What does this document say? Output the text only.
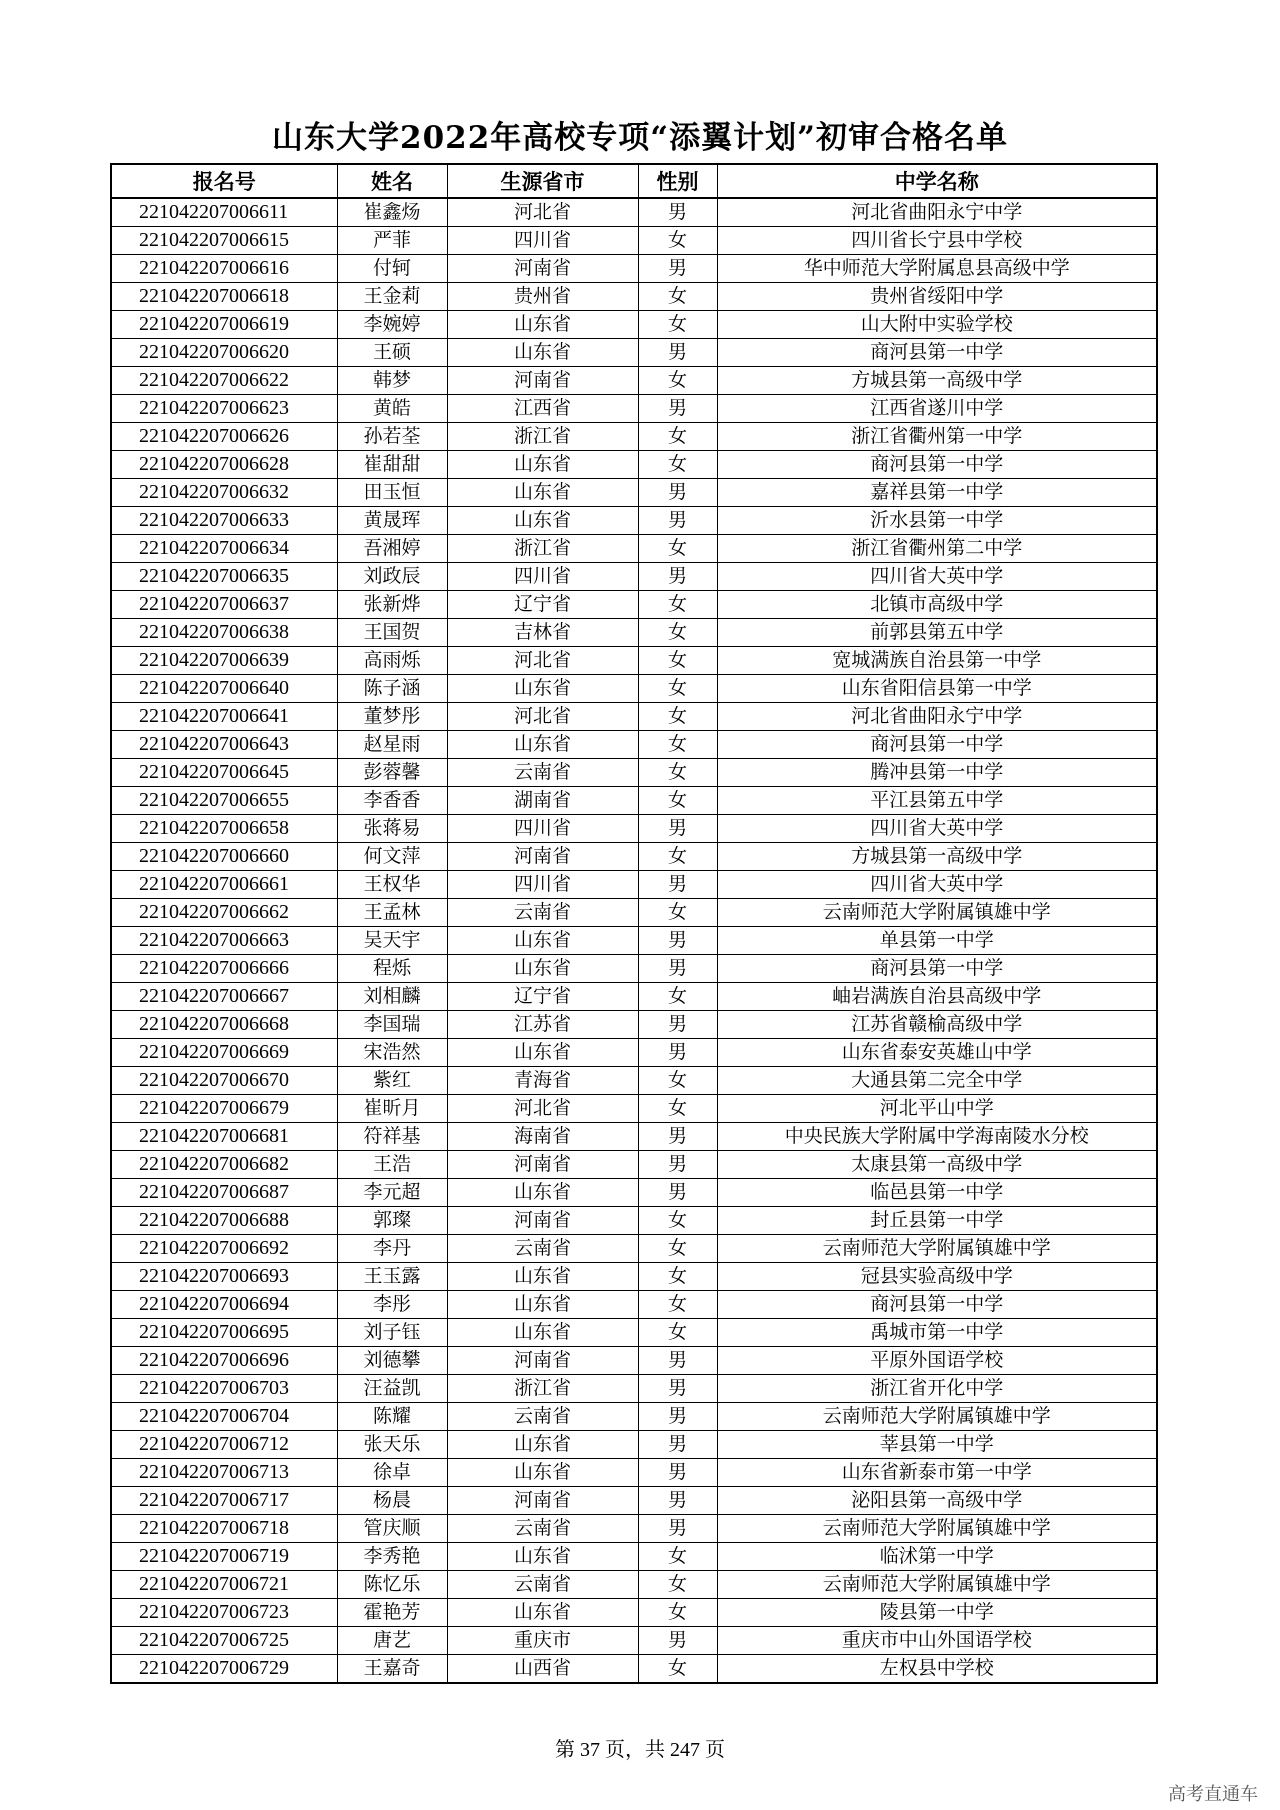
山东大学2022年高校专项“添翼计划”初审合格名单
报名号	姓名	生源省市	性别	中学名称
221042207006611	崔鑫炀	河北省	男	河北省曲阳永宁中学
221042207006615	严菲	四川省	女	四川省长宁县中学校
221042207006616	付轲	河南省	男	华中师范大学附属息县高级中学
221042207006618	王金莉	贵州省	女	贵州省绥阳中学
221042207006619	李婉婷	山东省	女	山大附中实验学校
221042207006620	王硕	山东省	男	商河县第一中学
221042207006622	韩梦	河南省	女	方城县第一高级中学
221042207006623	黄皓	江西省	男	江西省遂川中学
221042207006626	孙若荃	浙江省	女	浙江省衢州第一中学
221042207006628	崔甜甜	山东省	女	商河县第一中学
221042207006632	田玉恒	山东省	男	嘉祥县第一中学
221042207006633	黄晟珲	山东省	男	沂水县第一中学
221042207006634	吾湘婷	浙江省	女	浙江省衢州第二中学
221042207006635	刘政辰	四川省	男	四川省大英中学
221042207006637	张新烨	辽宁省	女	北镇市高级中学
221042207006638	王国贺	吉林省	女	前郭县第五中学
221042207006639	高雨烁	河北省	女	宽城满族自治县第一中学
221042207006640	陈子涵	山东省	女	山东省阳信县第一中学
221042207006641	董梦彤	河北省	女	河北省曲阳永宁中学
221042207006643	赵星雨	山东省	女	商河县第一中学
221042207006645	彭蓉馨	云南省	女	腾冲县第一中学
221042207006655	李香香	湖南省	女	平江县第五中学
221042207006658	张蒋易	四川省	男	四川省大英中学
221042207006660	何文萍	河南省	女	方城县第一高级中学
221042207006661	王权华	四川省	男	四川省大英中学
221042207006662	王孟林	云南省	女	云南师范大学附属镇雄中学
221042207006663	吴天宇	山东省	男	单县第一中学
221042207006666	程烁	山东省	男	商河县第一中学
221042207006667	刘相麟	辽宁省	女	岫岩满族自治县高级中学
221042207006668	李国瑞	江苏省	男	江苏省赣榆高级中学
221042207006669	宋浩然	山东省	男	山东省泰安英雄山中学
221042207006670	紫红	青海省	女	大通县第二完全中学
221042207006679	崔昕月	河北省	女	河北平山中学
221042207006681	符祥基	海南省	男	中央民族大学附属中学海南陵水分校
221042207006682	王浩	河南省	男	太康县第一高级中学
221042207006687	李元超	山东省	男	临邑县第一中学
221042207006688	郭璨	河南省	女	封丘县第一中学
221042207006692	李丹	云南省	女	云南师范大学附属镇雄中学
221042207006693	王玉露	山东省	女	冠县实验高级中学
221042207006694	李彤	山东省	女	商河县第一中学
221042207006695	刘子钰	山东省	女	禹城市第一中学
221042207006696	刘德攀	河南省	男	平原外国语学校
221042207006703	汪益凯	浙江省	男	浙江省开化中学
221042207006704	陈耀	云南省	男	云南师范大学附属镇雄中学
221042207006712	张天乐	山东省	男	莘县第一中学
221042207006713	徐卓	山东省	男	山东省新泰市第一中学
221042207006717	杨晨	河南省	男	泌阳县第一高级中学
221042207006718	管庆顺	云南省	男	云南师范大学附属镇雄中学
221042207006719	李秀艳	山东省	女	临沭第一中学
221042207006721	陈忆乐	云南省	女	云南师范大学附属镇雄中学
221042207006723	霍艳芳	山东省	女	陵县第一中学
221042207006725	唐艺	重庆市	男	重庆市中山外国语学校
221042207006729	王嘉奇	山西省	女	左权县中学校
第 37 页，共 247 页
高考直通车
